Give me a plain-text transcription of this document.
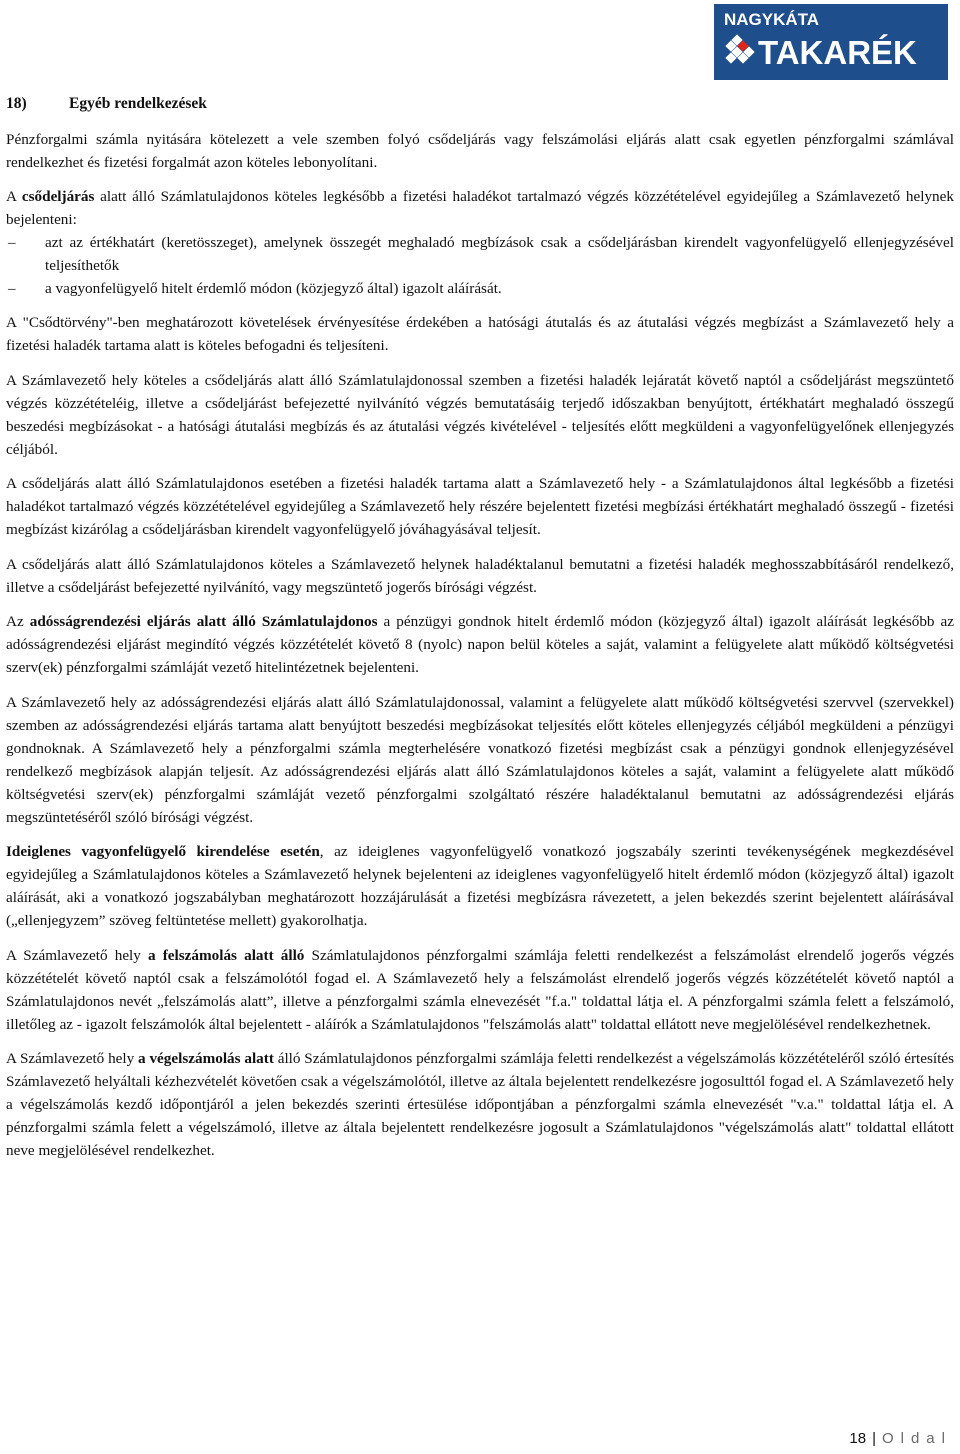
NAGYKÁTA
TAKARÉK
18)	Egyéb rendelkezések

Pénzforgalmi számla nyitására kötelezett a vele szemben folyó csődeljárás vagy felszámolási eljárás alatt csak egyetlen pénzforgalmi számlával rendelkezhet és fizetési forgalmát azon köteles lebonyolítani.

A csődeljárás alatt álló Számlatulajdonos köteles legkésőbb a fizetési haladékot tartalmazó végzés közzétételével egyidejűleg a Számlavezető helynek bejelenteni:

– azt az értékhatárt (keretösszeget), amelynek összegét meghaladó megbízások csak a csődeljárásban kirendelt vagyonfelügyelő ellenjegyzésével teljesíthetők
– a vagyonfelügyelő hitelt érdemlő módon (közjegyző által) igazolt aláírását.

A "Csődtörvény"-ben meghatározott követelések érvényesítése érdekében a hatósági átutalás és az átutalási végzés megbízást a Számlavezető hely a fizetési haladék tartama alatt is köteles befogadni és teljesíteni.

A Számlavezető hely köteles a csődeljárás alatt álló Számlatulajdonossal szemben a fizetési haladék lejáratát követő naptól a csődeljárást megszüntető végzés közzétételéig, illetve a csődeljárást befejezetté nyilvánító végzés bemutatásáig terjedő időszakban benyújtott, értékhatárt meghaladó összegű beszedési megbízásokat - a hatósági átutalási megbízás és az átutalási végzés kivételével - teljesítés előtt megküldeni a vagyonfelügyelőnek ellenjegyzés céljából.

A csődeljárás alatt álló Számlatulajdonos esetében a fizetési haladék tartama alatt a Számlavezető hely - a Számlatulajdonos által legkésőbb a fizetési haladékot tartalmazó végzés közzétételével egyidejűleg a Számlavezető hely részére bejelentett fizetési megbízási értékhatárt meghaladó összegű - fizetési megbízást kizárólag a csődeljárásban kirendelt vagyonfelügyelő jóváhagyásával teljesít.

A csődeljárás alatt álló Számlatulajdonos köteles a Számlavezető helynek haladéktalanul bemutatni a fizetési haladék meghosszabbításáról rendelkező, illetve a csődeljárást befejezetté nyilvánító, vagy megszüntető jogerős bírósági végzést.

Az adósságrendezési eljárás alatt álló Számlatulajdonos a pénzügyi gondnok hitelt érdemlő módon (közjegyző által) igazolt aláírását legkésőbb az adósságrendezési eljárást megindító végzés közzétételét követő 8 (nyolc) napon belül köteles a saját, valamint a felügyelete alatt működő költségvetési szerv(ek) pénzforgalmi számláját vezető hitelintézetnek bejelenteni.

A Számlavezető hely az adósságrendezési eljárás alatt álló Számlatulajdonossal, valamint a felügyelete alatt működő költségvetési szervvel (szervekkel) szemben az adósságrendezési eljárás tartama alatt benyújtott beszedési megbízásokat teljesítés előtt köteles ellenjegyzés céljából megküldeni a pénzügyi gondnoknak. A Számlavezető hely a pénzforgalmi számla megterhelésére vonatkozó fizetési megbízást csak a pénzügyi gondnok ellenjegyzésével rendelkező megbízások alapján teljesít. Az adósságrendezési eljárás alatt álló Számlatulajdonos köteles a saját, valamint a felügyelete alatt működő költségvetési szerv(ek) pénzforgalmi számláját vezető pénzforgalmi szolgáltató részére haladéktalanul bemutatni az adósságrendezési eljárás megszüntetéséről szóló bírósági végzést.

Ideiglenes vagyonfelügyelő kirendelése esetén, az ideiglenes vagyonfelügyelő vonatkozó jogszabály szerinti tevékenységének megkezdésével egyidejűleg a Számlatulajdonos köteles a Számlavezető helynek bejelenteni az ideiglenes vagyonfelügyelő hitelt érdemlő módon (közjegyző által) igazolt aláírását, aki a vonatkozó jogszabályban meghatározott hozzájárulását a fizetési megbízásra rávezetett, a jelen bekezdés szerint bejelentett aláírásával („ellenjegyzem” szöveg feltüntetése mellett) gyakorolhatja.

A Számlavezető hely a felszámolás alatt álló Számlatulajdonos pénzforgalmi számlája feletti rendelkezést a felszámolást elrendelő jogerős végzés közzétételét követő naptól csak a felszámolótól fogad el. A Számlavezető hely a felszámolást elrendelő jogerős végzés közzétételét követő naptól a Számlatulajdonos nevét „felszámolás alatt”, illetve a pénzforgalmi számla elnevezését "f.a." toldattal látja el. A pénzforgalmi számla felett a felszámoló, illetőleg az - igazolt felszámolók által bejelentett - aláírók a Számlatulajdonos "felszámolás alatt" toldattal ellátott neve megjelölésével rendelkezhetnek.

A Számlavezető hely a végelszámolás alatt álló Számlatulajdonos pénzforgalmi számlája feletti rendelkezést a végelszámolás közzétételéről szóló értesítés Számlavezető helyáltali kézhezvételét követően csak a végelszámolótól, illetve az általa bejelentett rendelkezésre jogosulttól fogad el. A Számlavezető hely a végelszámolás kezdő időpontjáról a jelen bekezdés szerinti értesülése időpontjában a pénzforgalmi számla elnevezését "v.a." toldattal látja el. A pénzforgalmi számla felett a végelszámoló, illetve az általa bejelentett rendelkezésre jogosult a Számlatulajdonos "végelszámolás alatt" toldattal ellátott neve megjelölésével rendelkezhet.

18 | Oldal
